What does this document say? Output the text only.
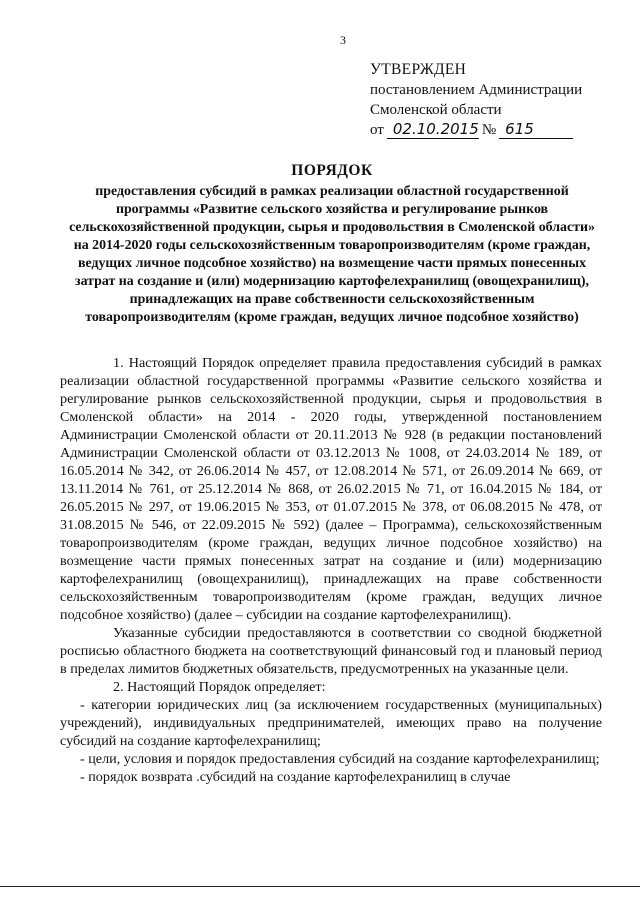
3
УТВЕРЖДЕН
постановлением Администрации
Смоленской области
от 02.10.2015 № 615
ПОРЯДОК
предоставления субсидий в рамках реализации областной государственной программы «Развитие сельского хозяйства и регулирование рынков сельскохозяйственной продукции, сырья и продовольствия в Смоленской области» на 2014-2020 годы сельскохозяйственным товаропроизводителям (кроме граждан, ведущих личное подсобное хозяйство) на возмещение части прямых понесенных затрат на создание и (или) модернизацию картофелехранилищ (овощехранилищ), принадлежащих на праве собственности сельскохозяйственным товаропроизводителям (кроме граждан, ведущих личное подсобное хозяйство)

1. Настоящий Порядок определяет правила предоставления субсидий в рамках реализации областной государственной программы «Развитие сельского хозяйства и регулирование рынков сельскохозяйственной продукции, сырья и продовольствия в Смоленской области» на 2014 - 2020 годы, утвержденной постановлением Администрации Смоленской области от 20.11.2013 № 928 (в редакции постановлений Администрации Смоленской области от 03.12.2013 № 1008, от 24.03.2014 № 189, от 16.05.2014 № 342, от 26.06.2014 № 457, от 12.08.2014 № 571, от 26.09.2014 № 669, от 13.11.2014 № 761, от 25.12.2014 № 868, от 26.02.2015 № 71, от 16.04.2015 № 184, от 26.05.2015 № 297, от 19.06.2015 № 353, от 01.07.2015 № 378, от 06.08.2015 № 478, от 31.08.2015 № 546, от 22.09.2015 № 592) (далее – Программа), сельскохозяйственным товаропроизводителям (кроме граждан, ведущих личное подсобное хозяйство) на возмещение части прямых понесенных затрат на создание и (или) модернизацию картофелехранилищ (овощехранилищ), принадлежащих на праве собственности сельскохозяйственным товаропроизводителям (кроме граждан, ведущих личное подсобное хозяйство) (далее – субсидии на создание картофелехранилищ).

Указанные субсидии предоставляются в соответствии со сводной бюджетной росписью областного бюджета на соответствующий финансовый год и плановый период в пределах лимитов бюджетных обязательств, предусмотренных на указанные цели.

2. Настоящий Порядок определяет:

- категории юридических лиц (за исключением государственных (муниципальных) учреждений), индивидуальных предпринимателей, имеющих право на получение субсидий на создание картофелехранилищ;

- цели, условия и порядок предоставления субсидий на создание картофелехранилищ;

- порядок возврата .субсидий на создание картофелехранилищ в случае
